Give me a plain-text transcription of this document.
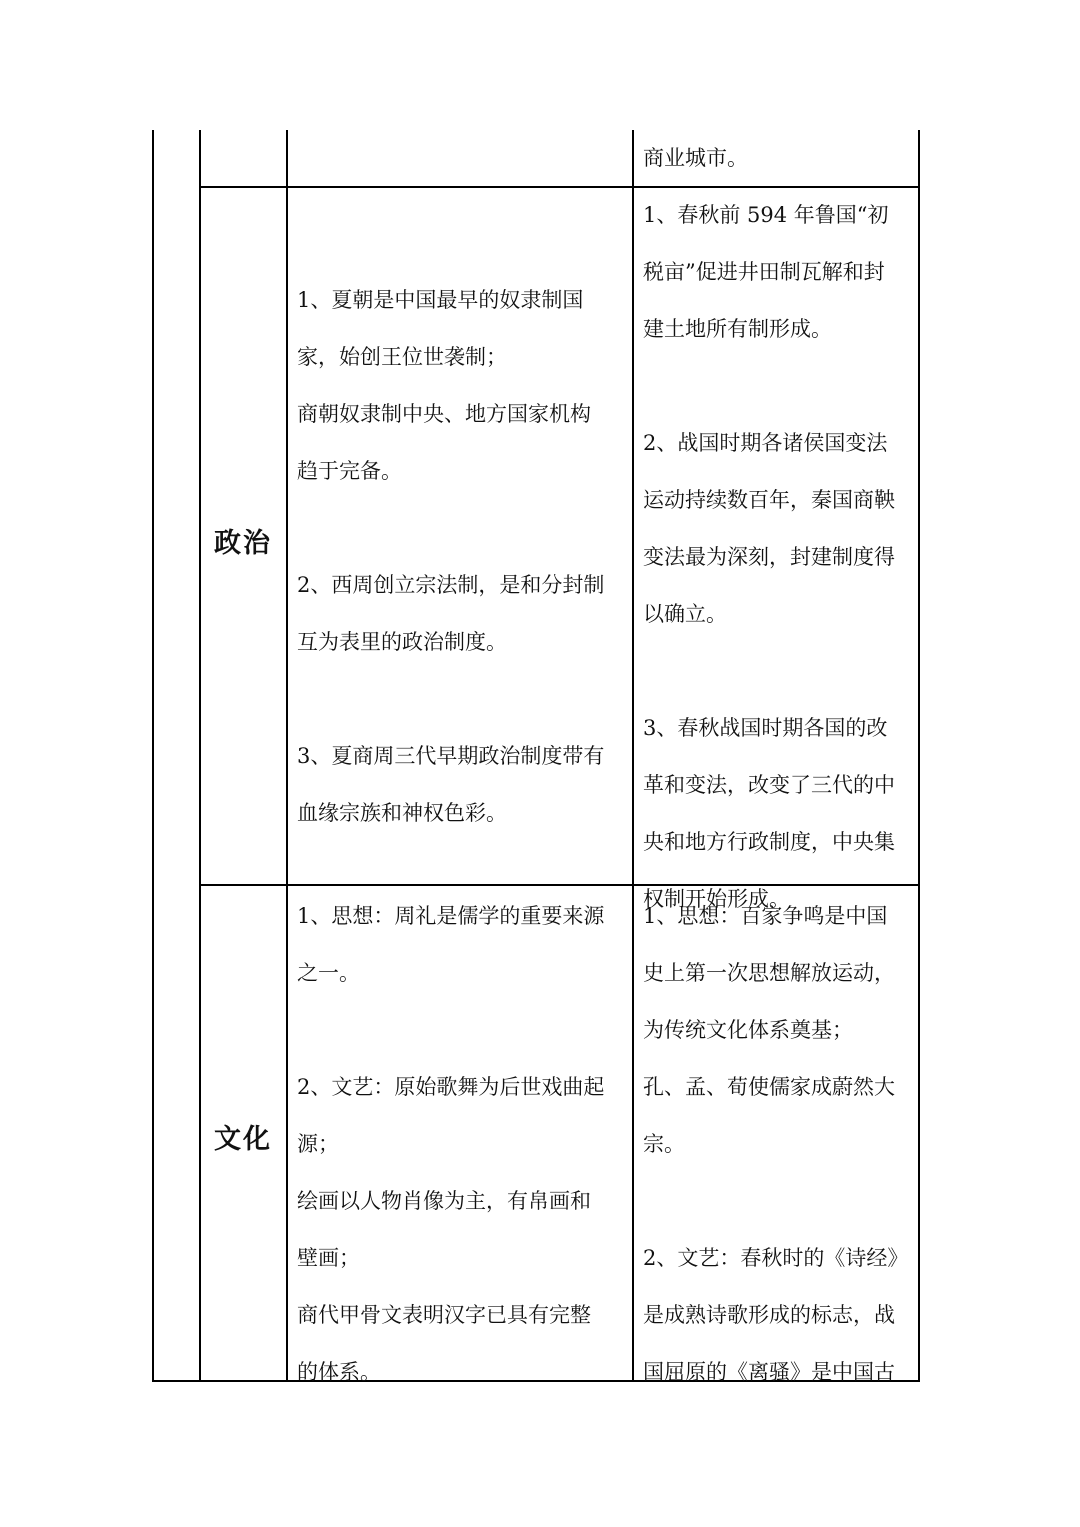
商业城市。

政治

1、夏朝是中国最早的奴隶制国

家，始创王位世袭制；

商朝奴隶制中央、地方国家机构

趋于完备。

2、西周创立宗法制，是和分封制

互为表里的政治制度。

3、夏商周三代早期政治制度带有

血缘宗族和神权色彩。

1、春秋前 594 年鲁国“初

税亩”促进井田制瓦解和封

建土地所有制形成。

2、战国时期各诸侯国变法

运动持续数百年，秦国商鞅

变法最为深刻，封建制度得

以确立。

3、春秋战国时期各国的改

革和变法，改变了三代的中

央和地方行政制度，中央集

权制开始形成。

文化

1、思想：周礼是儒学的重要来源

之一。

2、文艺：原始歌舞为后世戏曲起

源；

绘画以人物肖像为主，有帛画和

壁画；

商代甲骨文表明汉字已具有完整

的体系。

1、思想：百家争鸣是中国

史上第一次思想解放运动，

为传统文化体系奠基；

孔、孟、荀使儒家成蔚然大

宗。

2、文艺：春秋时的《诗经》

是成熟诗歌形成的标志，战

国屈原的《离骚》是中国古
